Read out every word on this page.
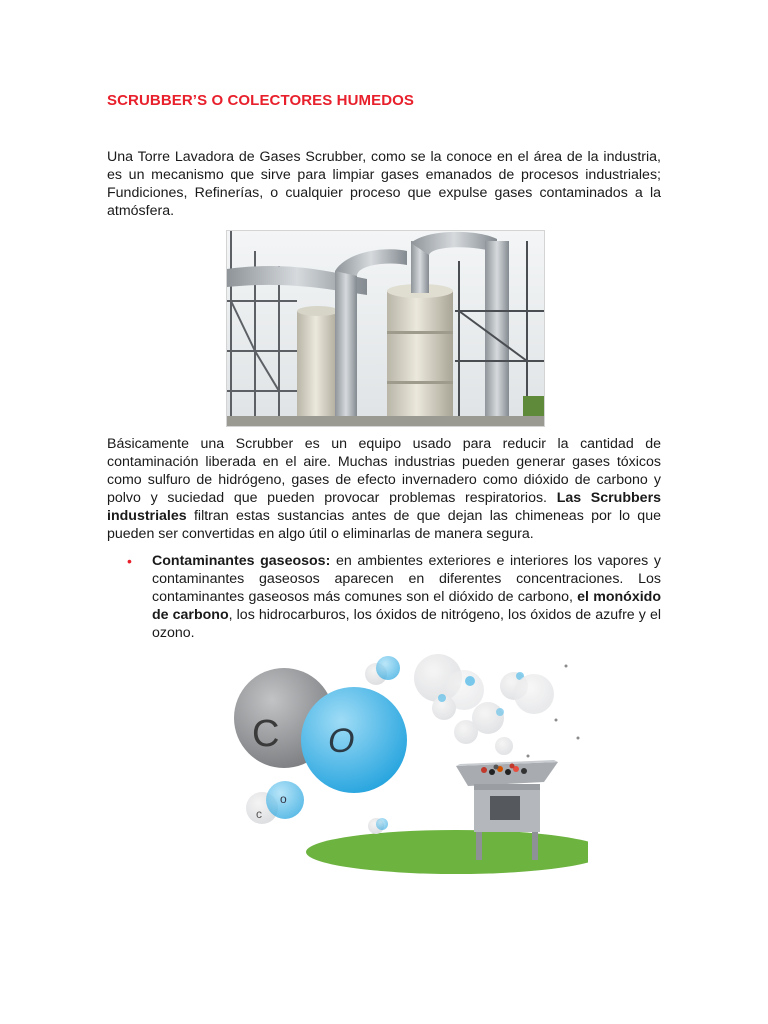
SCRUBBER’S O COLECTORES HUMEDOS

Una Torre Lavadora de Gases Scrubber, como se la conoce en el área de la industria, es un mecanismo que sirve para limpiar gases emanados de procesos industriales; Fundiciones, Refinerías, o cualquier proceso que expulse gases contaminados a la atmósfera.

Básicamente una Scrubber es un equipo usado para reducir la cantidad de contaminación liberada en el aire. Muchas industrias pueden generar gases tóxicos como sulfuro de hidrógeno, gases de efecto invernadero como dióxido de carbono y polvo y suciedad que pueden provocar problemas respiratorios. Las Scrubbers industriales filtran estas sustancias antes de que dejan las chimeneas por lo que pueden ser convertidas en algo útil o eliminarlas de manera segura.

• Contaminantes gaseosos: en ambientes exteriores e interiores los vapores y contaminantes gaseosos aparecen en diferentes concentraciones. Los contaminantes gaseosos más comunes son el dióxido de carbono, el monóxido de carbono, los hidrocarburos, los óxidos de nitrógeno, los óxidos de azufre y el ozono.
C O
c
o
